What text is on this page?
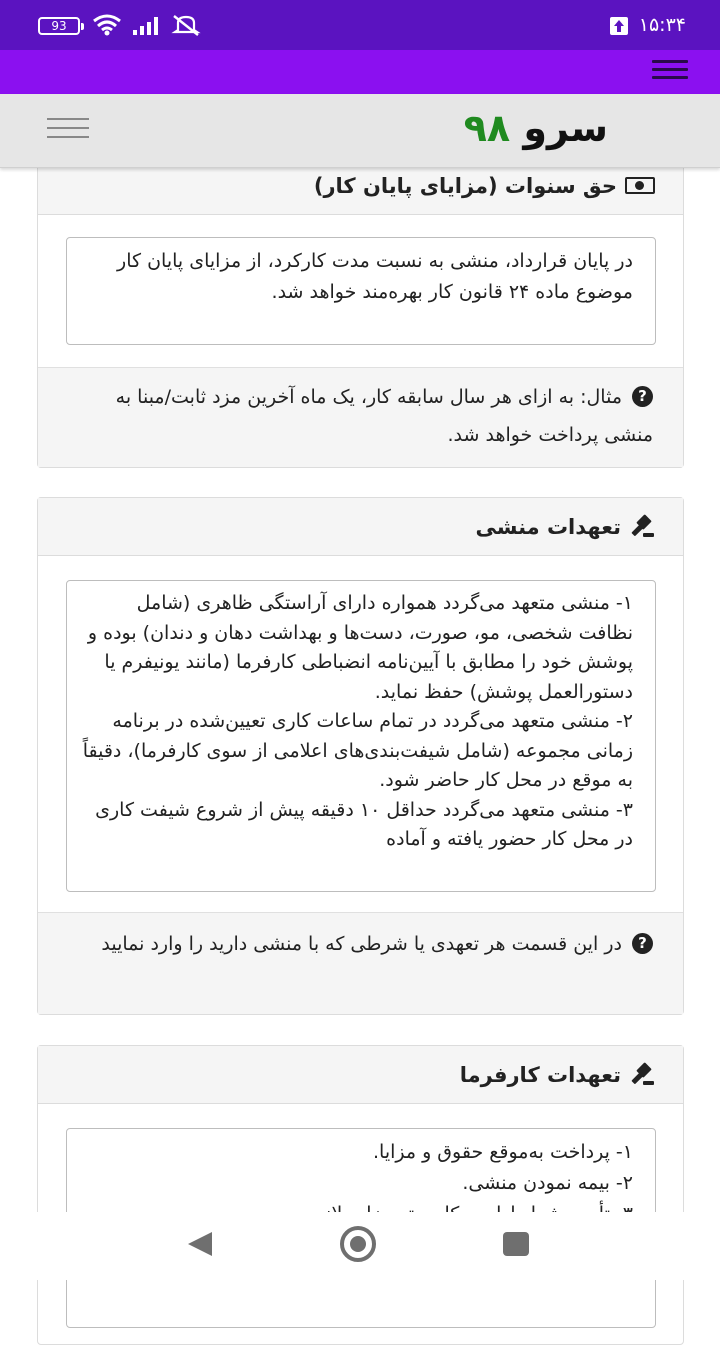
93	۱۵:۳۴
سرو ۹۸
حق سنوات (مزایای پایان کار)
در پایان قرارداد، منشی به نسبت مدت کارکرد، از مزایای پایان کار موضوع ماده ۲۴ قانون کار بهره‌مند خواهد شد.
?مثال: به ازای هر سال سابقه کار، یک ماه آخرین مزد ثابت/مبنا به منشی پرداخت خواهد شد.
تعهدات منشی
۱- منشی متعهد می‌گردد همواره دارای آراستگی ظاهری (شامل نظافت شخصی، مو، صورت، دست‌ها و بهداشت دهان و دندان) بوده و پوشش خود را مطابق با آیین‌نامه انضباطی کارفرما (مانند یونیفرم یا دستورالعمل پوشش) حفظ نماید.
۲- منشی متعهد می‌گردد در تمام ساعات کاری تعیین‌شده در برنامه زمانی مجموعه (شامل شیفت‌بندی‌های اعلامی از سوی کارفرما)، دقیقاً به موقع در محل کار حاضر شود.
۳- منشی متعهد می‌گردد حداقل ۱۰ دقیقه پیش از شروع شیفت کاری در محل کار حضور یافته و آماده
?در این قسمت هر تعهدی یا شرطی که با منشی دارید را وارد نمایید
تعهدات کارفرما
۱- پرداخت به‌موقع حقوق و مزایا.
۲- بیمه نمودن منشی.
